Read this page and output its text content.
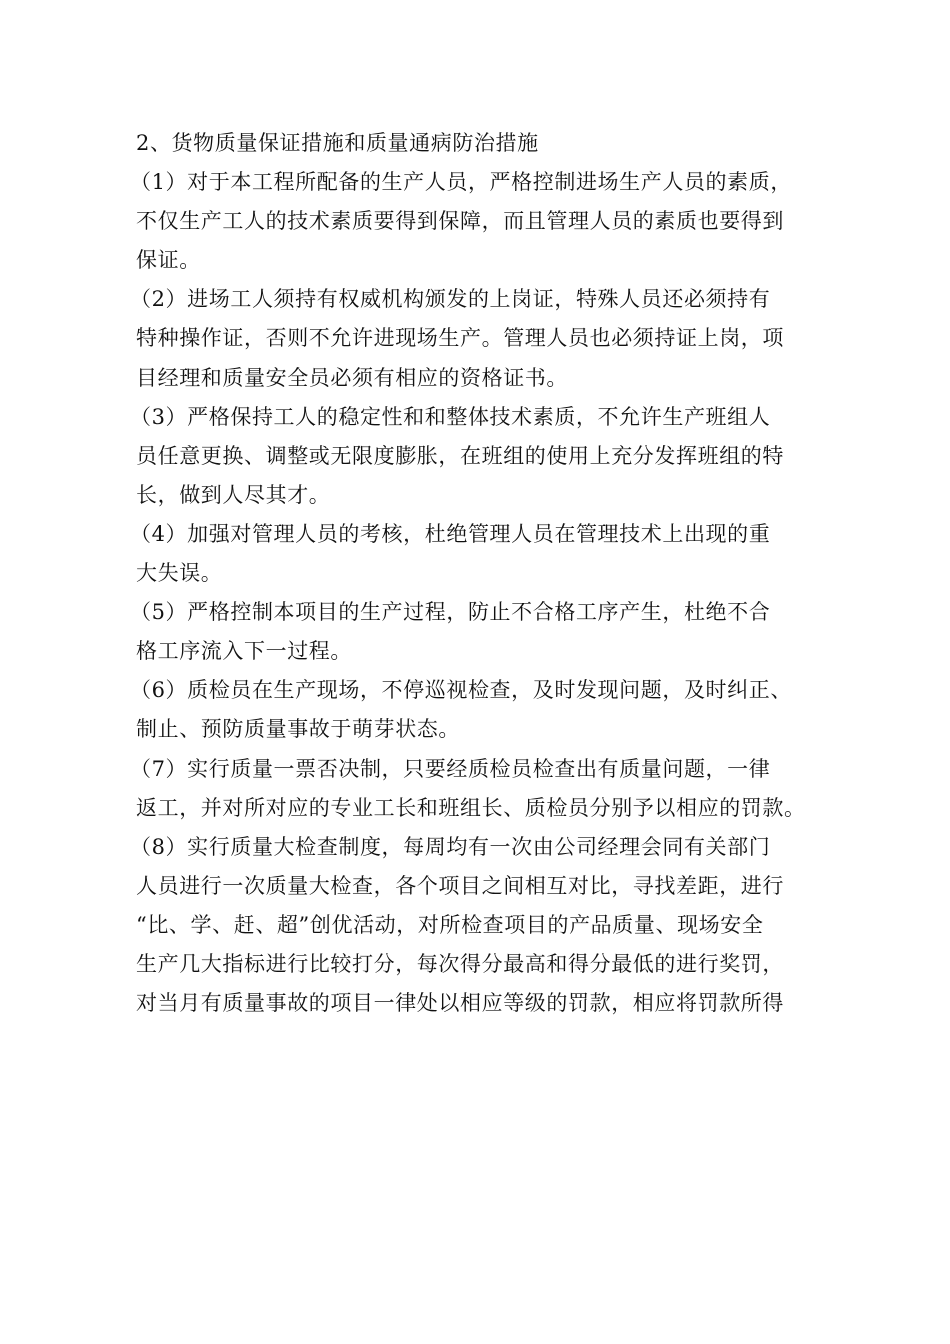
2、货物质量保证措施和质量通病防治措施
（1）对于本工程所配备的生产人员，严格控制进场生产人员的素质，
不仅生产工人的技术素质要得到保障，而且管理人员的素质也要得到
保证。
（2）进场工人须持有权威机构颁发的上岗证，特殊人员还必须持有
特种操作证，否则不允许进现场生产。管理人员也必须持证上岗，项
目经理和质量安全员必须有相应的资格证书。
（3）严格保持工人的稳定性和和整体技术素质，不允许生产班组人
员任意更换、调整或无限度膨胀，在班组的使用上充分发挥班组的特
长，做到人尽其才。
（4）加强对管理人员的考核，杜绝管理人员在管理技术上出现的重
大失误。
（5）严格控制本项目的生产过程，防止不合格工序产生，杜绝不合
格工序流入下一过程。
（6）质检员在生产现场，不停巡视检查，及时发现问题，及时纠正、
制止、预防质量事故于萌芽状态。
（7）实行质量一票否决制，只要经质检员检查出有质量问题，一律
返工，并对所对应的专业工长和班组长、质检员分别予以相应的罚款。
（8）实行质量大检查制度，每周均有一次由公司经理会同有关部门
人员进行一次质量大检查，各个项目之间相互对比，寻找差距，进行
“比、学、赶、超”创优活动，对所检查项目的产品质量、现场安全
生产几大指标进行比较打分，每次得分最高和得分最低的进行奖罚，
对当月有质量事故的项目一律处以相应等级的罚款，相应将罚款所得
